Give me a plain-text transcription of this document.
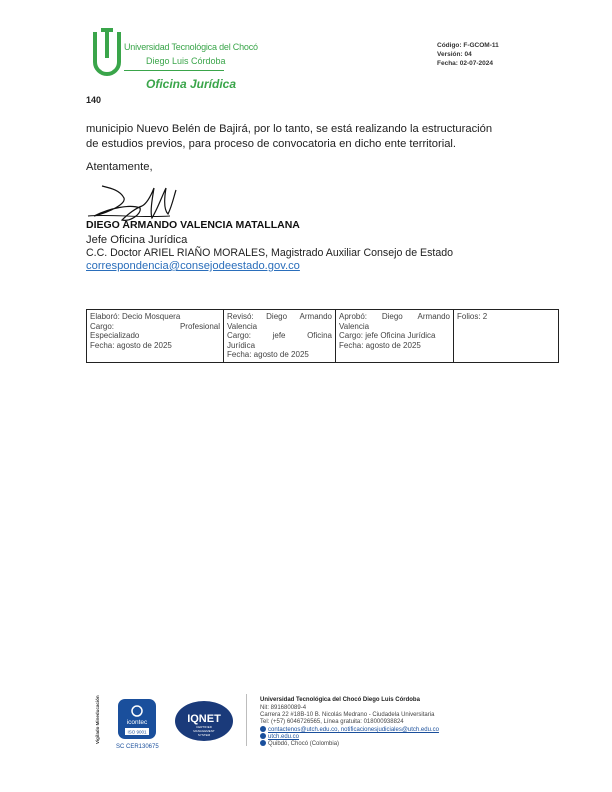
Universidad Tecnológica del Chocó
Diego Luis Córdoba
Oficina Jurídica
Código: F-GCOM-11
Versión: 04
Fecha: 02-07-2024
140
municipio Nuevo Belén de Bajirá, por lo tanto, se está realizando la estructuración
de estudios previos, para proceso de convocatoria en dicho ente territorial.
Atentamente,
DIEGO ARMANDO VALENCIA MATALLANA
Jefe Oficina Jurídica
C.C. Doctor ARIEL RIAÑO MORALES, Magistrado Auxiliar Consejo de Estado
correspondencia@consejodeestado.gov.co
Elaboró: Decio Mosquera
Cargo:	Profesional
Especializado
Fecha: agosto de 2025

Revisó: Diego Armando
Valencia
Cargo:	jefe	Oficina
Jurídica
Fecha: agosto de 2025

Aprobó: Diego Armando
Valencia
Cargo: jefe Oficina Jurídica
Fecha: agosto de 2025

Folios: 2
Vigilado Mineducación	icontec
ISO 9001
SC CER130675
IQNET
CERTIFIED
MANAGEMENT
SYSTEM
Universidad Tecnológica del Chocó Diego Luis Córdoba
Nit: 891680089-4
Carrera 22 #18B-10 B. Nicolás Medrano - Ciudadela Universitaria
Tel: (+57) 6046726565, Línea gratuita: 018000938824
contactenos@utch.edu.co, notificacionesjudiciales@utch.edu.co
utch.edu.co
Quibdó, Chocó (Colombia)
